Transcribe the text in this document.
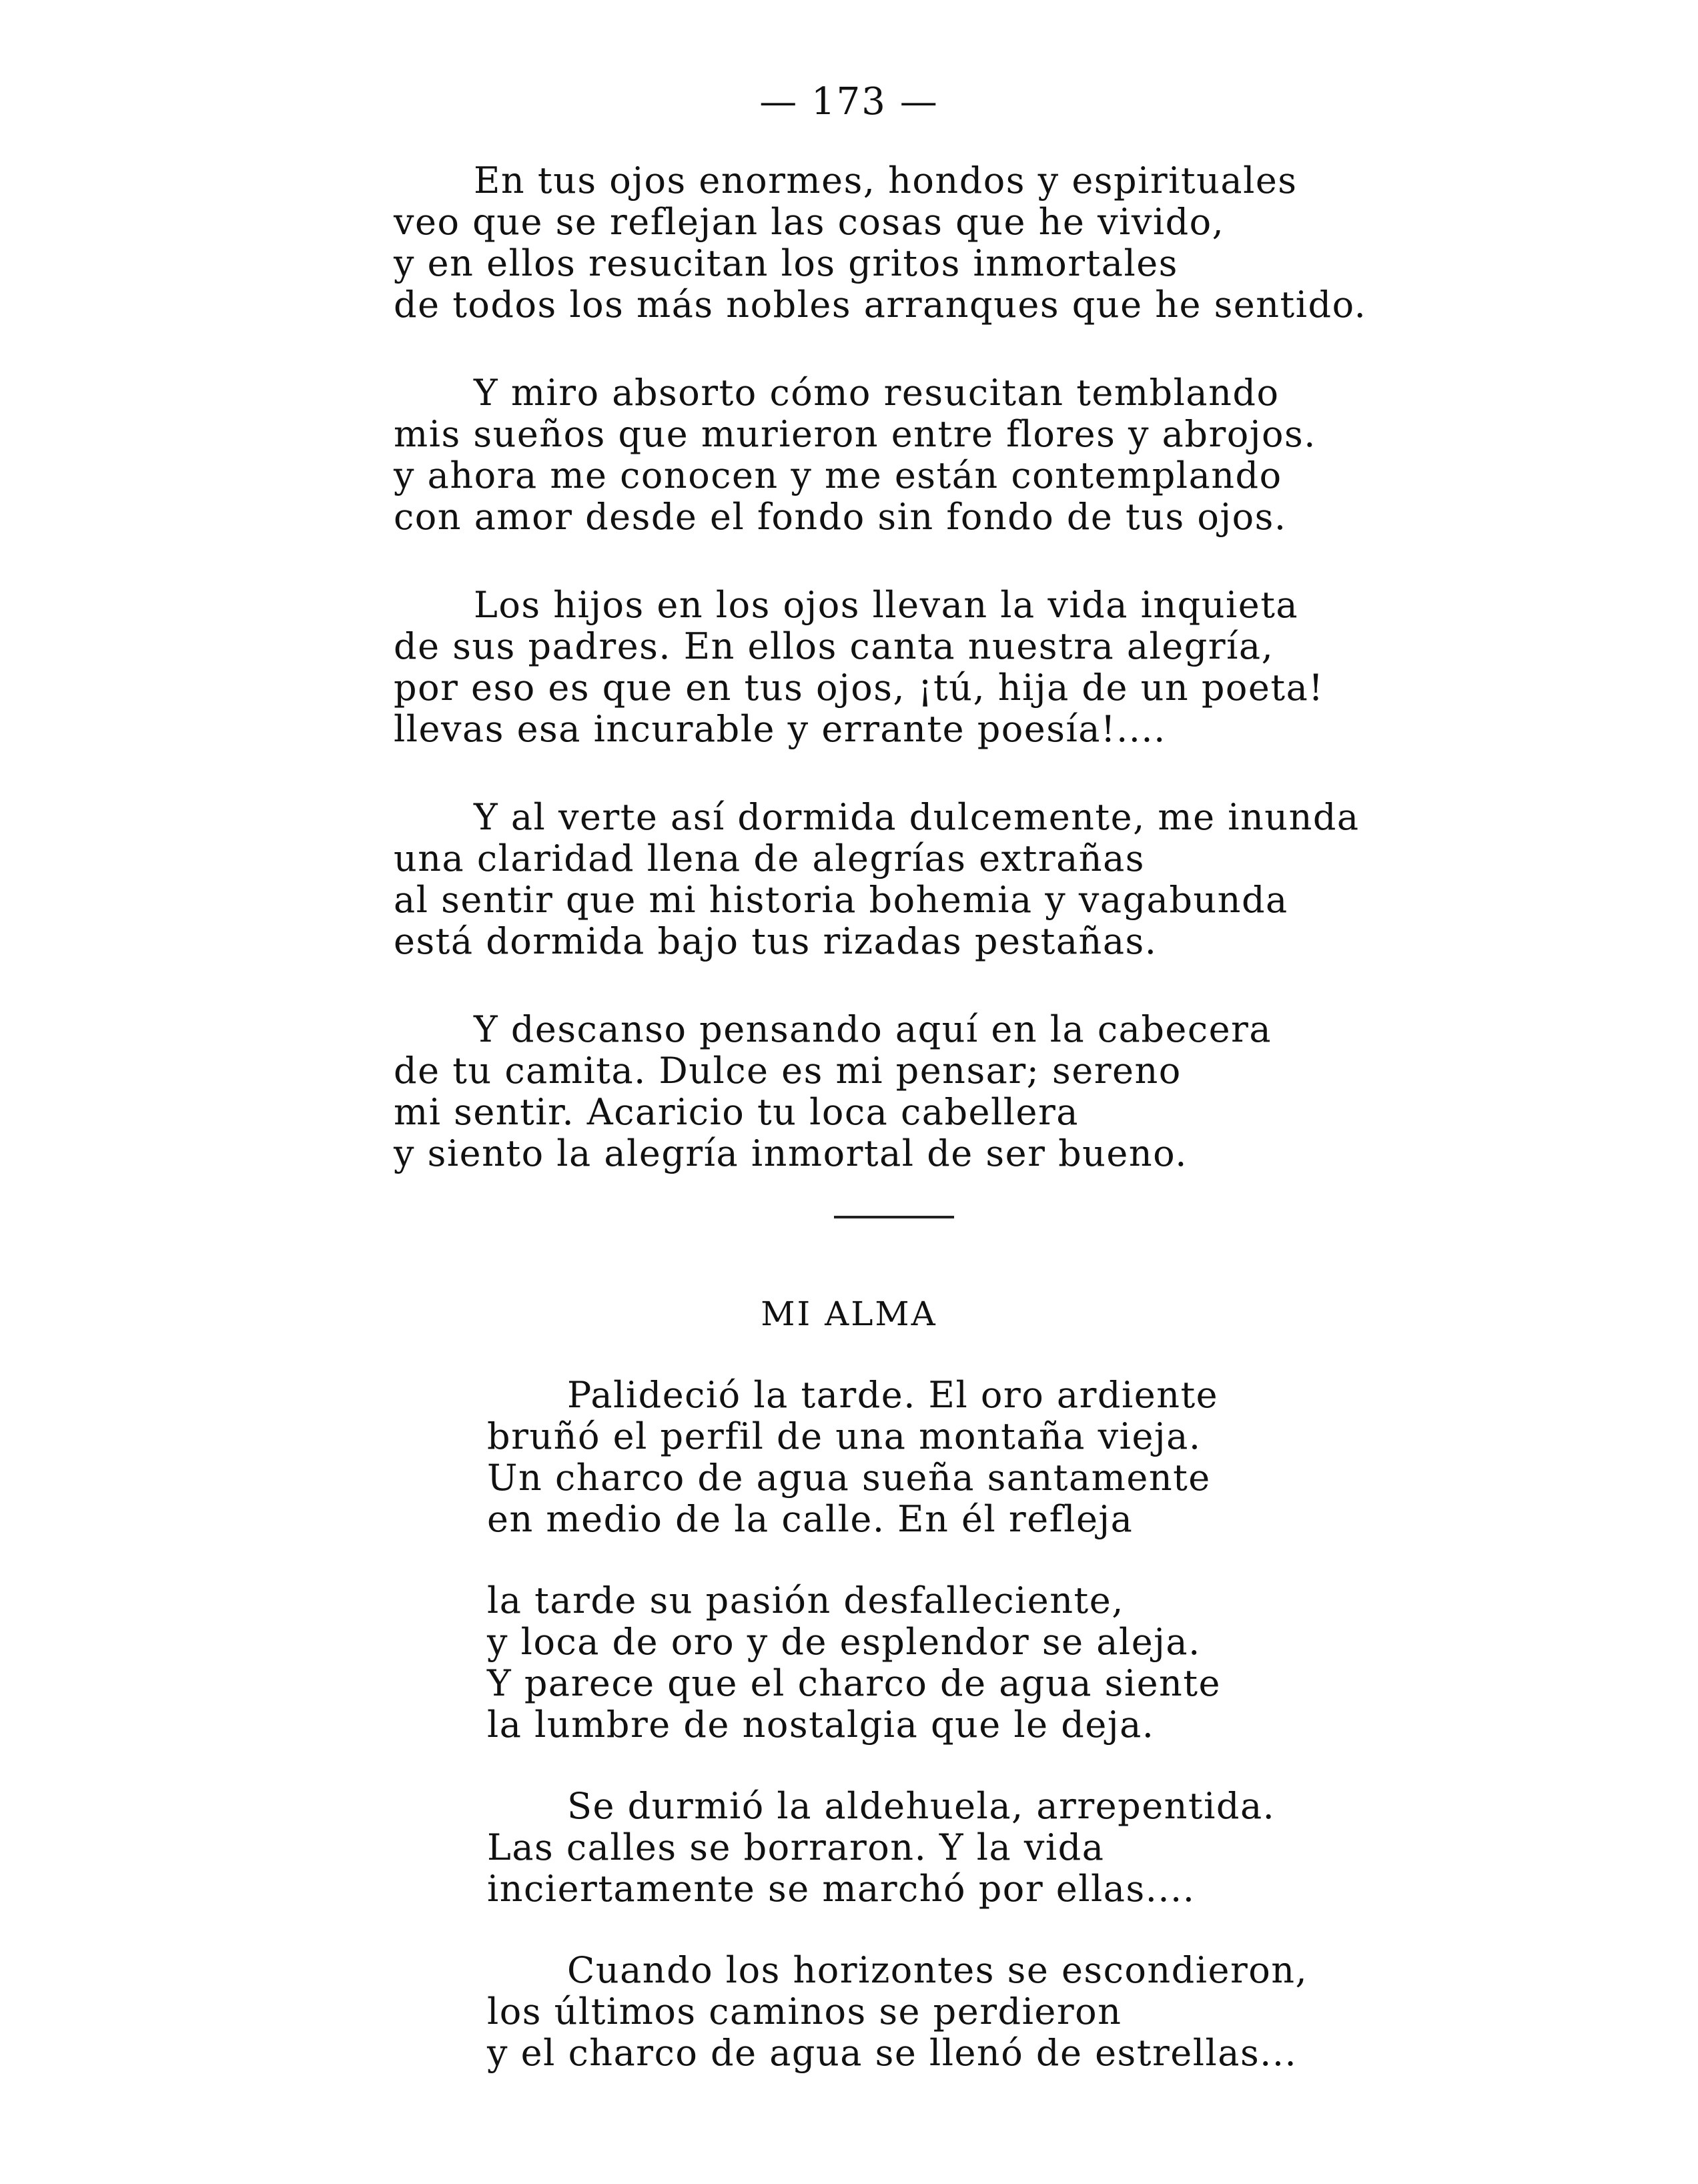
— 173 —
En tus ojos enormes, hondos y espirituales
veo que se reflejan las cosas que he vivido,
y en ellos resucitan los gritos inmortales
de todos los más nobles arranques que he sentido.
Y miro absorto cómo resucitan temblando
mis sueños que murieron entre flores y abrojos.
y ahora me conocen y me están contemplando
con amor desde el fondo sin fondo de tus ojos.
Los hijos en los ojos llevan la vida inquieta
de sus padres. En ellos canta nuestra alegría,
por eso es que en tus ojos, ¡tú, hija de un poeta!
llevas esa incurable y errante poesía!....
Y al verte así dormida dulcemente, me inunda
una claridad llena de alegrías extrañas
al sentir que mi historia bohemia y vagabunda
está dormida bajo tus rizadas pestañas.
Y descanso pensando aquí en la cabecera
de tu camita. Dulce es mi pensar; sereno
mi sentir. Acaricio tu loca cabellera
y siento la alegría inmortal de ser bueno.
MI ALMA
Palideció la tarde. El oro ardiente
bruñó el perfil de una montaña vieja.
Un charco de agua sueña santamente
en medio de la calle. En él refleja
la tarde su pasión desfalleciente,
y loca de oro y de esplendor se aleja.
Y parece que el charco de agua siente
la lumbre de nostalgia que le deja.
Se durmió la aldehuela, arrepentida.
Las calles se borraron. Y la vida
inciertamente se marchó por ellas....
Cuando los horizontes se escondieron,
los últimos caminos se perdieron
y el charco de agua se llenó de estrellas...
